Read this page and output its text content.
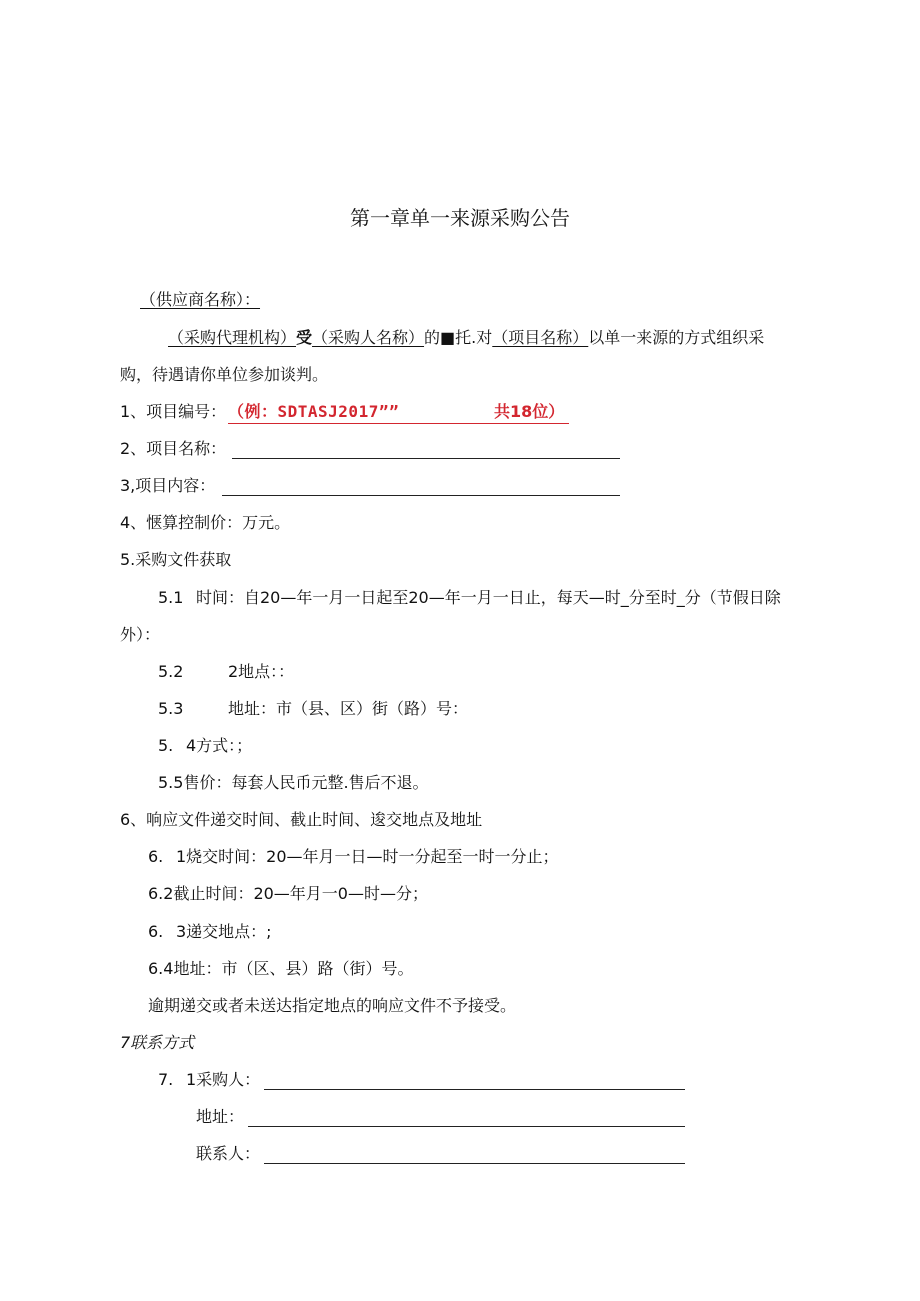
第一章单一来源采购公告
（供应商名称）：
（采购代理机构）受（采购人名称）的■托.对（项目名称）以单一来源的方式组织采
购，待遇请你单位参加谈判。
1、项目编号： （例：SDTASJ2017””	共18位）
2、项目名称：
3,项目内容：
4、惬算控制价：万元。
5.采购文件获取
5.1 时间：自20—年一月一日起至20—年一月一日止，每天—时_分至时_分（节假日除
外）：
5.2	2地点：：
5.3	地址：市（县、区）街（路）号：
5. 4方式：；
5.5售价：每套人民币元整.售后不退。
6、响应文件递交时间、截止时间、逡交地点及地址
6. 1烧交时间：20—年月一日—时一分起至一时一分止；
6.2截止时间：20—年月一0—时—分；
6. 3递交地点：;
6.4地址：市（区、县）路（街）号。
逾期递交或者未送达指定地点的响应文件不予接受。
7联系方式
7. 1采购人：
地址：
联系人：
